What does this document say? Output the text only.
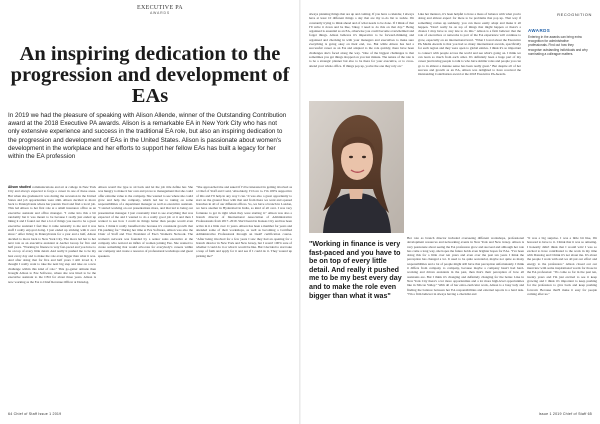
EXECUTIVE PA
AWARDS
An inspiring dedication to the progression and development of EAs

In 2019 we had the pleasure of speaking with Alison Allende, winner of the Outstanding Contribution award at the 2018 Executive PA awards. Alison is a remarkable EA in New York City who has not only extensive experience and success in the traditional EA role, but also an inspiring dedication to the progression and development of EAs in the United States. Alison is passionate about women's development in the workplace and her efforts to support her fellow EAs has built a legacy for her within the EA profession

Alison studied communications and art at college in New York City and always expected to forge a career in one of these areas. But when she graduated it was during the recession in the United States and job opportunities were slim. Alison decided to move back to Pennsylvania where her parents lived and find a local job. This led Alison to her first role at a small insurance office as an executive assistant and office manager. "I came into this a bit randomly but it was meant to be because I really just ended up liking it and I found out that a lot of things you need to be a great executive assistant I feel like it came naturally to me and it was stuff I really enjoyed doing. I just ended up sticking with it ever since." After living in Pennsylvania for a year and a half, Alison decided to move back to New York City. The move led her to her next role as an executive assistant at Ascher Group for five and half years. "Working in finance is very fast-paced and you have to be on top of every little detail. And really it pushed me to be my best every day and to make the role even bigger than what it was. And after doing that for five and half years I still loved it, I thought I really want to take the next big step and take on a new challenge within this kind of role." This go-getter attitude then brought Alison to Eze Software, where she was hired to be the executive assistant to the CEO for about three years. Alison is now working as the EA to Chief Revenue Officer at Datadog.

Alison wasn't the type to sit back and let the job title define her. She was hungry to make it her own and prove to management that she could offer extreme value to the company. She wanted to see where she could grow and help the company, which led her to taking on some responsibilities of a department manager as well as executive assistant. "I started working on our presentations more, and that led to being our presentation manager. I just constantly tried to see everything that was expected of me and I wanted to do a really good job at it and then I wanted to see how I could do things better than people would even have. I think it really benefited me because it's consistent growth that I'm pushing for." During her time at Eze Software, Alison was also the Chair of Staff and Vice President of Eze's Women's Network. The women's network was founded by a senior sales executive at the company who noticed an influx of women joining Eze. She wanted to create something that would advocate for everybody's careers within our company and create a resource of professional workshops and guest speakers.

"She approached me and asked if I'd be interested in getting involved as a Chief of Staff and I said, 'Absolutely, I'd love to. I'm 100% supportive of this and I'll help in any way I can.' It was also a great opportunity to start on the ground floor with that and from there we went and opened branches in all of our different offices. So, we have a branch in London, we have another in Hyderabad in India, so kind of all over. I was very fortunate to get in right when they were starting it." Alison was also a branch director of International Association of Administrative Professionals from 2017–2019. She'd heard in Kansas City and has been active in it a little over 11 years. Alison has been a member for years and attended some of their workshops, as well as becoming a Certified Administrative Professional through an IAAP certification course. "After being involved for a few years I saw they had an opening for a branch director in New York and New Jersey, but I wasn't 100% sure of whether I could do it or what it would be like. But I decided to start take a leap of faith and apply for it and see if I could do it. They wound up picking me!"

64 Chief of Staff Issue 1 2019
RECOGNITION

always planning things that are up and coming. If you have a calendar, I always have at least 10 different things a day that are my to-do list to tackle. I'm constantly trying to think ahead and of what needs to be done. If I think of that I'll write it down and be like, 'Okay, I need to do this on that day.'" Being organised is essential as an EA, otherwise you could become overwhelmed and forget things. Alison believes it's imperative to be forward-thinking and organised and checking in with your managers and executives to make sure everything is going okay on their end, too. But while Alison has had a successful career as an EA and adapted to the role quickly, there have been challenges she's faced along the way. "One of the biggest challenges is that sometimes you get things dropped on you last minute. The nature of the role is to be a strategic planner but also to be there for your executive, or to cross-attend your whole office. If things pop up, you're the one they rely on."

Like her mentors, it's been helpful to have a mass of balance with what you're doing and almost expect for there to be problems that pop up. That way if something comes up suddenly, you can more easily adapt and make it all happen. "Don't really be on top of things that might happen or there's a chance I may have to stay late to do this." Alison is a firm believer that the role of executives or networks is part of the EA experience will continue to grow, especially on an international level. "What I loved about the Executive PA Media Awards is that you had so many international awards, specifically for each region and they were open to global entries. I think it's so important to connect with people across the world and see what's going on. I think we can learn so much from each other. It's definitely been a huge part of my career just having people to talk to who have similar roles and people you can go to in almost a mentee sense has been really great." But despite all of her success and growth as an EA, Alison was delighted to have received the Outstanding Contribution award at the 2018 Executive PA Awards.

AWARDS
Entering in the awards can bring extra recognition for administrative professionals. Find out how they recognise outstanding individuals and why nominating a colleague matters.
"Working in finance is very fast-paced and you have to be on top of every little detail. And really it pushed me to be my best every day and to make the role even bigger than what it was"

Her role as branch director included overseeing different workshops, professional development resources and networking events in New York and New Jersey. Alison is very passionate about seeing the EA profession grow and succeed and although her role has come a long way, she hopes the future holds even brighter hopes for EAs. "I've been doing this for a little over ten years and even over the past ten years I think the perception has changed a lot. It used to be quite secretarial, maybe not quite as many responsibilities and a lot of people might still have that perception unfortunately. I think it differs from company to company, because maybe a company hasn't had hard-working and driven assistants in the past, then that's their perception of how all assistants are. But I think it's changing and definitely changing for the better. Like in New York City there's a lot more opportunities and a lot more high-level opportunities like in Silicon Valley." With all of her extra-curricular work, Alison is a busy lady and finding the balance between her EA responsibilities and external reports is a hard task. "I'm a firm believer in always having a checklist and

"It was a big surprise. I was a little bit like, I'm honored to have to it. I think that it was so amazing. I honestly didn't think that I would win! I was so excited to have contributed to the work in my time with Datadog and I think it's not about me. It's about the people I work with and we all put our effort and energy to the profession." Alison closed out our interview with some inspirational words for those in the EA profession: "It's come so far in the past ten, twenty years and I'm just excited to see it keep growing and I think it's important to keep pushing for the profession to give back and keep pushing forward. Because that'll make it easy for people coming after us."

Issue 1 2019 Chief of Staff 65
